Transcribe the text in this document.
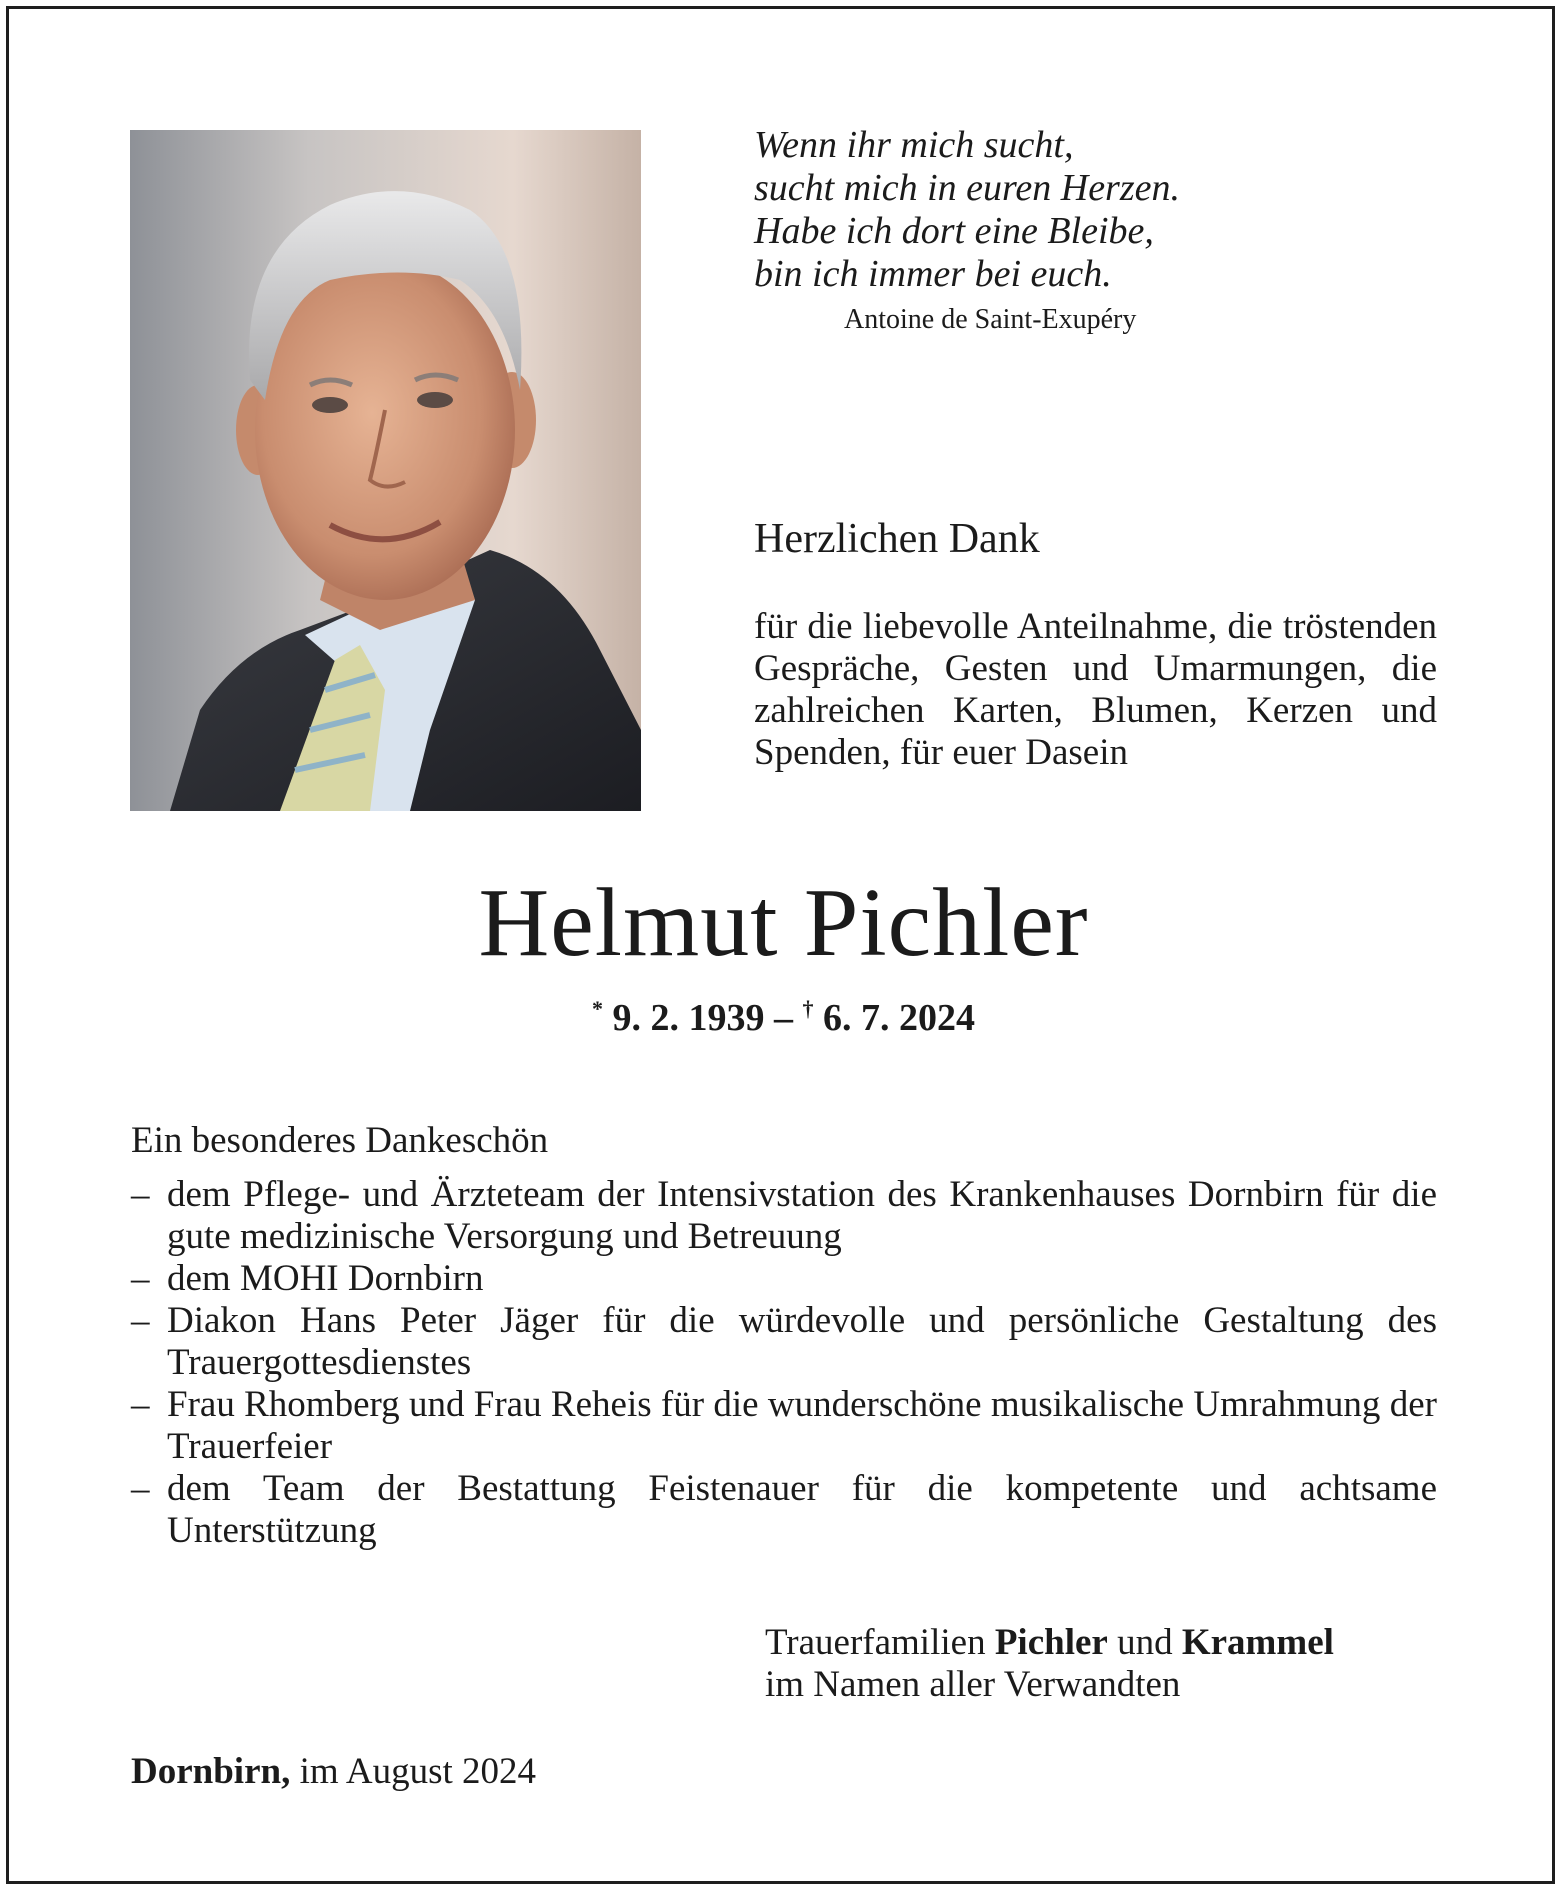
Wenn ihr mich sucht,
sucht mich in euren Herzen.
Habe ich dort eine Bleibe,
bin ich immer bei euch.
Antoine de Saint-Exupéry
Herzlichen Dank
für die liebevolle Anteilnahme, die tröstenden Gespräche, Gesten und Umarmungen, die zahlreichen Karten, Blumen, Kerzen und Spenden, für euer Dasein
Helmut Pichler
* 9. 2. 1939 – † 6. 7. 2024
Ein besonderes Dankeschön
– dem Pflege- und Ärzteteam der Intensivstation des Krankenhauses Dornbirn für die gute medizinische Versorgung und Betreuung
– dem MOHI Dornbirn
– Diakon Hans Peter Jäger für die würdevolle und persönliche Gestaltung des Trauergottesdienstes
– Frau Rhomberg und Frau Reheis für die wunderschöne musikalische Umrahmung der Trauerfeier
– dem Team der Bestattung Feistenauer für die kompetente und achtsame Unterstützung
Trauerfamilien Pichler und Krammel
im Namen aller Verwandten
Dornbirn, im August 2024
